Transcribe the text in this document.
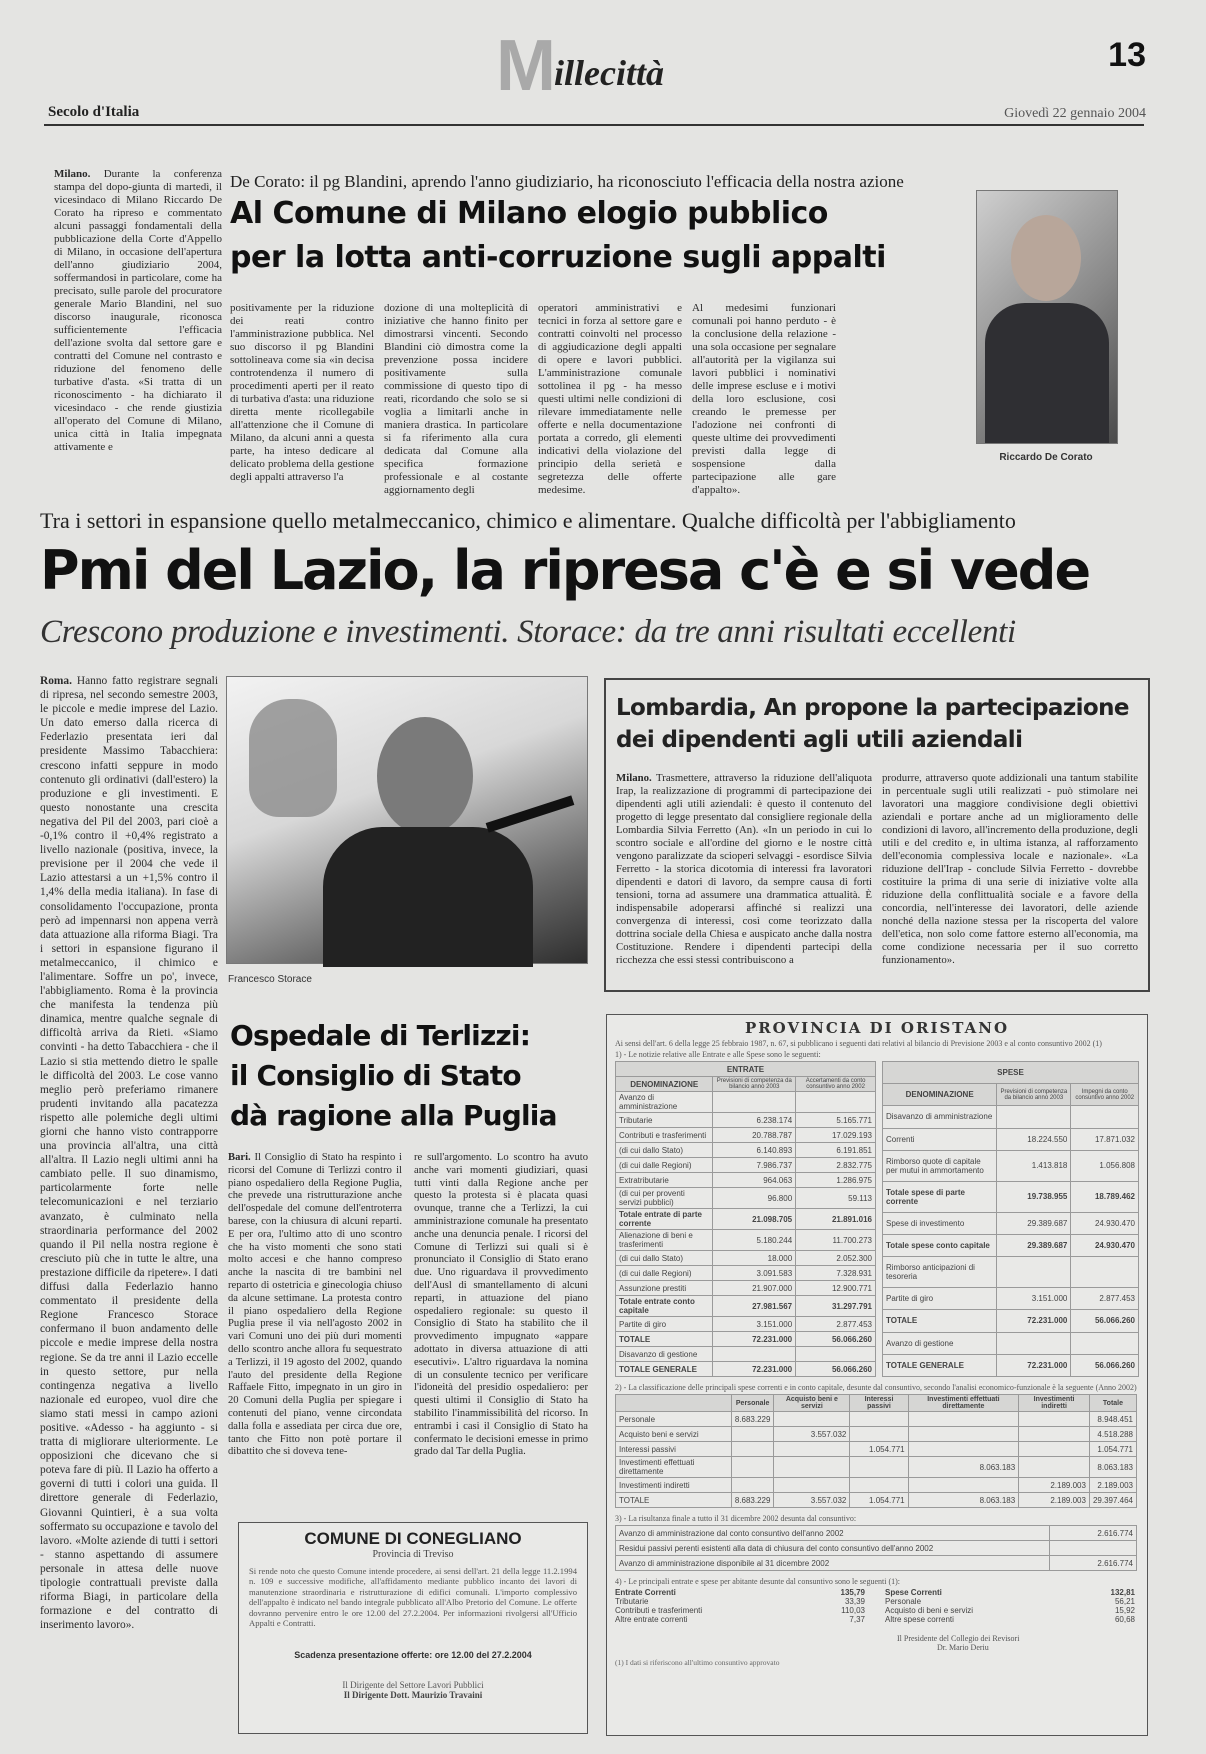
M
illecittà	13
Secolo d'Italia	Giovedì 22 gennaio 2004
Milano. Durante la conferenza stampa del dopo-giunta di martedì, il vicesindaco di Milano Riccardo De Corato ha ripreso e commentato alcuni passaggi fondamentali della pubblicazione della Corte d'Appello di Milano, in occasione dell'apertura dell'anno giudiziario 2004, soffermandosi in particolare, come ha precisato, sulle parole del procuratore generale Mario Blandini, nel suo discorso inaugurale, riconosca sufficientemente l'efficacia dell'azione svolta dal settore gare e contratti del Comune nel contrasto e riduzione del fenomeno delle turbative d'asta. «Si tratta di un riconoscimento - ha dichiarato il vicesindaco - che rende giustizia all'operato del Comune di Milano, unica città in Italia impegnata attivamente e
De Corato: il pg Blandini, aprendo l'anno giudiziario, ha riconosciuto l'efficacia della nostra azione
Al Comune di Milano elogio pubblico
per la lotta anti-corruzione sugli appalti
positivamente per la riduzione dei reati contro l'amministrazione pubblica. Nel suo discorso il pg Blandini sottolineava come sia «in decisa controtendenza il numero di procedimenti aperti per il reato di turbativa d'asta: una riduzione diretta mente ricollegabile all'attenzione che il Comune di Milano, da alcuni anni a questa parte, ha inteso dedicare al delicato problema della gestione degli appalti attraverso l'a
dozione di una molteplicità di iniziative che hanno finito per dimostrarsi vincenti. Secondo Blandini ciò dimostra come la prevenzione possa incidere positivamente sulla commissione di questo tipo di reati, ricordando che solo se si voglia a limitarli anche in maniera drastica. In particolare si fa riferimento alla cura dedicata dal Comune alla specifica formazione professionale e al costante aggiornamento degli
operatori amministrativi e tecnici in forza al settore gare e contratti coinvolti nel processo di aggiudicazione degli appalti di opere e lavori pubblici. L'amministrazione comunale sottolinea il pg - ha messo questi ultimi nelle condizioni di rilevare immediatamente nelle offerte e nella documentazione portata a corredo, gli elementi indicativi della violazione del principio della serietà e segretezza delle offerte medesime.
Al medesimi funzionari comunali poi hanno perduto - è la conclusione della relazione - una sola occasione per segnalare all'autorità per la vigilanza sui lavori pubblici i nominativi delle imprese escluse e i motivi della loro esclusione, così creando le premesse per l'adozione nei confronti di queste ultime dei provvedimenti previsti dalla legge di sospensione dalla partecipazione alle gare d'appalto».
Riccardo De Corato
Tra i settori in espansione quello metalmeccanico, chimico e alimentare. Qualche difficoltà per l'abbigliamento
Pmi del Lazio, la ripresa c'è e si vede
Crescono produzione e investimenti. Storace: da tre anni risultati eccellenti
Roma. Hanno fatto registrare segnali di ripresa, nel secondo semestre 2003, le piccole e medie imprese del Lazio. Un dato emerso dalla ricerca di Federlazio presentata ieri dal presidente Massimo Tabacchiera: crescono infatti seppure in modo contenuto gli ordinativi (dall'estero) la produzione e gli investimenti. E questo nonostante una crescita negativa del Pil del 2003, pari cioè a -0,1% contro il +0,4% registrato a livello nazionale (positiva, invece, la previsione per il 2004 che vede il Lazio attestarsi a un +1,5% contro il 1,4% della media italiana). In fase di consolidamento l'occupazione, pronta però ad impennarsi non appena verrà data attuazione alla riforma Biagi. Tra i settori in espansione figurano il metalmeccanico, il chimico e l'alimentare. Soffre un po', invece, l'abbigliamento. Roma è la provincia che manifesta la tendenza più dinamica, mentre qualche segnale di difficoltà arriva da Rieti. «Siamo convinti - ha detto Tabacchiera - che il Lazio si stia mettendo dietro le spalle le difficoltà del 2003. Le cose vanno meglio però preferiamo rimanere prudenti invitando alla pacatezza rispetto alle polemiche degli ultimi giorni che hanno visto contrapporre una provincia all'altra, una città all'altra. Il Lazio negli ultimi anni ha cambiato pelle. Il suo dinamismo, particolarmente forte nelle telecomunicazioni e nel terziario avanzato, è culminato nella straordinaria performance del 2002 quando il Pil nella nostra regione è cresciuto più che in tutte le altre, una prestazione difficile da ripetere». I dati diffusi dalla Federlazio hanno commentato il presidente della Regione Francesco Storace confermano il buon andamento delle piccole e medie imprese della nostra regione. Se da tre anni il Lazio eccelle in questo settore, pur nella contingenza negativa a livello nazionale ed europeo, vuol dire che siamo stati messi in campo azioni positive. «Adesso - ha aggiunto - si tratta di migliorare ulteriormente. Le opposizioni che dicevano che si poteva fare di più. Il Lazio ha offerto a governi di tutti i colori una guida. Il direttore generale di Federlazio, Giovanni Quintieri, è a sua volta soffermato su occupazione e tavolo del lavoro. «Molte aziende di tutti i settori - stanno aspettando di assumere personale in attesa delle nuove tipologie contrattuali previste dalla riforma Biagi, in particolare della formazione e del contratto di inserimento lavoro».
Francesco Storace
Lombardia, An propone la partecipazione
dei dipendenti agli utili aziendali
Milano. Trasmettere, attraverso la riduzione dell'aliquota Irap, la realizzazione di programmi di partecipazione dei dipendenti agli utili aziendali: è questo il contenuto del progetto di legge presentato dal consigliere regionale della Lombardia Silvia Ferretto (An). «In un periodo in cui lo scontro sociale e all'ordine del giorno e le nostre città vengono paralizzate da scioperi selvaggi - esordisce Silvia Ferretto - la storica dicotomia di interessi fra lavoratori dipendenti e datori di lavoro, da sempre causa di forti tensioni, torna ad assumere una drammatica attualità. È indispensabile adoperarsi affinché si realizzi una convergenza di interessi, così come teorizzato dalla dottrina sociale della Chiesa e auspicato anche dalla nostra Costituzione. Rendere i dipendenti partecipi della ricchezza che essi stessi contribuiscono a
produrre, attraverso quote addizionali una tantum stabilite in percentuale sugli utili realizzati - può stimolare nei lavoratori una maggiore condivisione degli obiettivi aziendali e portare anche ad un miglioramento delle condizioni di lavoro, all'incremento della produzione, degli utili e del credito e, in ultima istanza, al rafforzamento dell'economia complessiva locale e nazionale». «La riduzione dell'Irap - conclude Silvia Ferretto - dovrebbe costituire la prima di una serie di iniziative volte alla riduzione della conflittualità sociale e a favore della concordia, nell'interesse dei lavoratori, delle aziende nonché della nazione stessa per la riscoperta del valore dell'etica, non solo come fattore esterno all'economia, ma come condizione necessaria per il suo corretto funzionamento».
Ospedale di Terlizzi:
il Consiglio di Stato
dà ragione alla Puglia
Bari. Il Consiglio di Stato ha respinto i ricorsi del Comune di Terlizzi contro il piano ospedaliero della Regione Puglia, che prevede una ristrutturazione anche dell'ospedale del comune dell'entroterra barese, con la chiusura di alcuni reparti. E per ora, l'ultimo atto di uno scontro che ha visto momenti che sono stati molto accesi e che hanno compreso anche la nascita di tre bambini nel reparto di ostetricia e ginecologia chiuso da alcune settimane. La protesta contro il piano ospedaliero della Regione Puglia prese il via nell'agosto 2002 in vari Comuni uno dei più duri momenti dello scontro anche allora fu sequestrato a Terlizzi, il 19 agosto del 2002, quando l'auto del presidente della Regione Raffaele Fitto, impegnato in un giro in 20 Comuni della Puglia per spiegare i contenuti del piano, venne circondata dalla folla e assediata per circa due ore, tanto che Fitto non potè portare il dibattito che si doveva tene-
re sull'argomento. Lo scontro ha avuto anche vari momenti giudiziari, quasi tutti vinti dalla Regione anche per questo la protesta si è placata quasi ovunque, tranne che a Terlizzi, la cui amministrazione comunale ha presentato anche una denuncia penale. I ricorsi del Comune di Terlizzi sui quali si è pronunciato il Consiglio di Stato erano due. Uno riguardava il provvedimento dell'Ausl di smantellamento di alcuni reparti, in attuazione del piano ospedaliero regionale: su questo il Consiglio di Stato ha stabilito che il provvedimento impugnato «appare adottato in diversa attuazione di atti esecutivi». L'altro riguardava la nomina di un consulente tecnico per verificare l'idoneità del presidio ospedaliero: per questi ultimi il Consiglio di Stato ha stabilito l'inammissibilità del ricorso. In entrambi i casi il Consiglio di Stato ha confermato le decisioni emesse in primo grado dal Tar della Puglia.
COMUNE DI CONEGLIANO
Provincia di Treviso
Si rende noto che questo Comune intende procedere, ai sensi dell'art. 21 della legge 11.2.1994 n. 109 e successive modifiche, all'affidamento mediante pubblico incanto dei lavori di manutenzione straordinaria e ristrutturazione di edifici comunali. L'importo complessivo dell'appalto è indicato nel bando integrale pubblicato all'Albo Pretorio del Comune. Le offerte dovranno pervenire entro le ore 12.00 del 27.2.2004. Per informazioni rivolgersi all'Ufficio Appalti e Contratti.
Scadenza presentazione offerte: ore 12.00 del 27.2.2004
Il Dirigente del Settore Lavori Pubblici
Il Dirigente Dott. Maurizio Travaini
PROVINCIA DI ORISTANO
Ai sensi dell'art. 6 della legge 25 febbraio 1987, n. 67, si pubblicano i seguenti dati relativi al bilancio di Previsione 2003 e al conto consuntivo 2002 (1)
1) - Le notizie relative alle Entrate e alle Spese sono le seguenti:
ENTRATE		
DENOMINAZIONE	Previsioni di competenza da bilancio anno 2003	Accertamenti da conto consuntivo anno 2002
Avanzo di amministrazione		
Tributarie	6.238.174	5.165.771
Contributi e trasferimenti	20.788.787	17.029.193
(di cui dallo Stato)	6.140.893	6.191.851
(di cui dalle Regioni)	7.986.737	2.832.775
Extratributarie	964.063	1.286.975
(di cui per proventi servizi pubblici)	96.800	59.113
Totale entrate di parte corrente	21.098.705	21.891.016
Alienazione di beni e trasferimenti	5.180.244	11.700.273
(di cui dallo Stato)	18.000	2.052.300
(di cui dalle Regioni)	3.091.583	7.328.931
Assunzione prestiti	21.907.000	12.900.771
Totale entrate conto capitale	27.981.567	31.297.791
Partite di giro	3.151.000	2.877.453
TOTALE	72.231.000	56.066.260
Disavanzo di gestione		
TOTALE GENERALE	72.231.000	56.066.260
SPESE		
DENOMINAZIONE	Previsioni di competenza da bilancio anno 2003	Impegni da conto consuntivo anno 2002
Disavanzo di amministrazione		
Correnti	18.224.550	17.871.032
Rimborso quote di capitale per mutui in ammortamento	1.413.818	1.056.808
Totale spese di parte corrente	19.738.955	18.789.462
Spese di investimento	29.389.687	24.930.470
Totale spese conto capitale	29.389.687	24.930.470
Rimborso anticipazioni di tesoreria		
Partite di giro	3.151.000	2.877.453
TOTALE	72.231.000	56.066.260
Avanzo di gestione		
TOTALE GENERALE	72.231.000	56.066.260
2) - La classificazione delle principali spese correnti e in conto capitale, desunte dal consuntivo, secondo l'analisi economico-funzionale è la seguente (Anno 2002)
	Personale	Acquisto beni e servizi	Interessi passivi	Investimenti effettuati direttamente	Investimenti indiretti	Totale
Personale	8.683.229					8.948.451
Acquisto beni e servizi		3.557.032				4.518.288
Interessi passivi			1.054.771			1.054.771
Investimenti effettuati direttamente				8.063.183		8.063.183
Investimenti indiretti					2.189.003	2.189.003
TOTALE	8.683.229	3.557.032	1.054.771	8.063.183	2.189.003	29.397.464
3) - La risultanza finale a tutto il 31 dicembre 2002 desunta dal consuntivo:
Avanzo di amministrazione dal conto consuntivo dell'anno 2002	2.616.774
Residui passivi perenti esistenti alla data di chiusura del conto consuntivo dell'anno 2002	
Avanzo di amministrazione disponibile al 31 dicembre 2002	2.616.774
4) - Le principali entrate e spese per abitante desunte dal consuntivo sono le seguenti (1):
Entrate Correnti	135,79
Tributarie	33,39
Contributi e trasferimenti	110,03
Altre entrate correnti	7,37
Spese Correnti	132,81
Personale	56,21
Acquisto di beni e servizi	15,92
Altre spese correnti	60,68
Il Presidente del Collegio dei Revisori
Dr. Mario Deriu
(1) I dati si riferiscono all'ultimo consuntivo approvato
